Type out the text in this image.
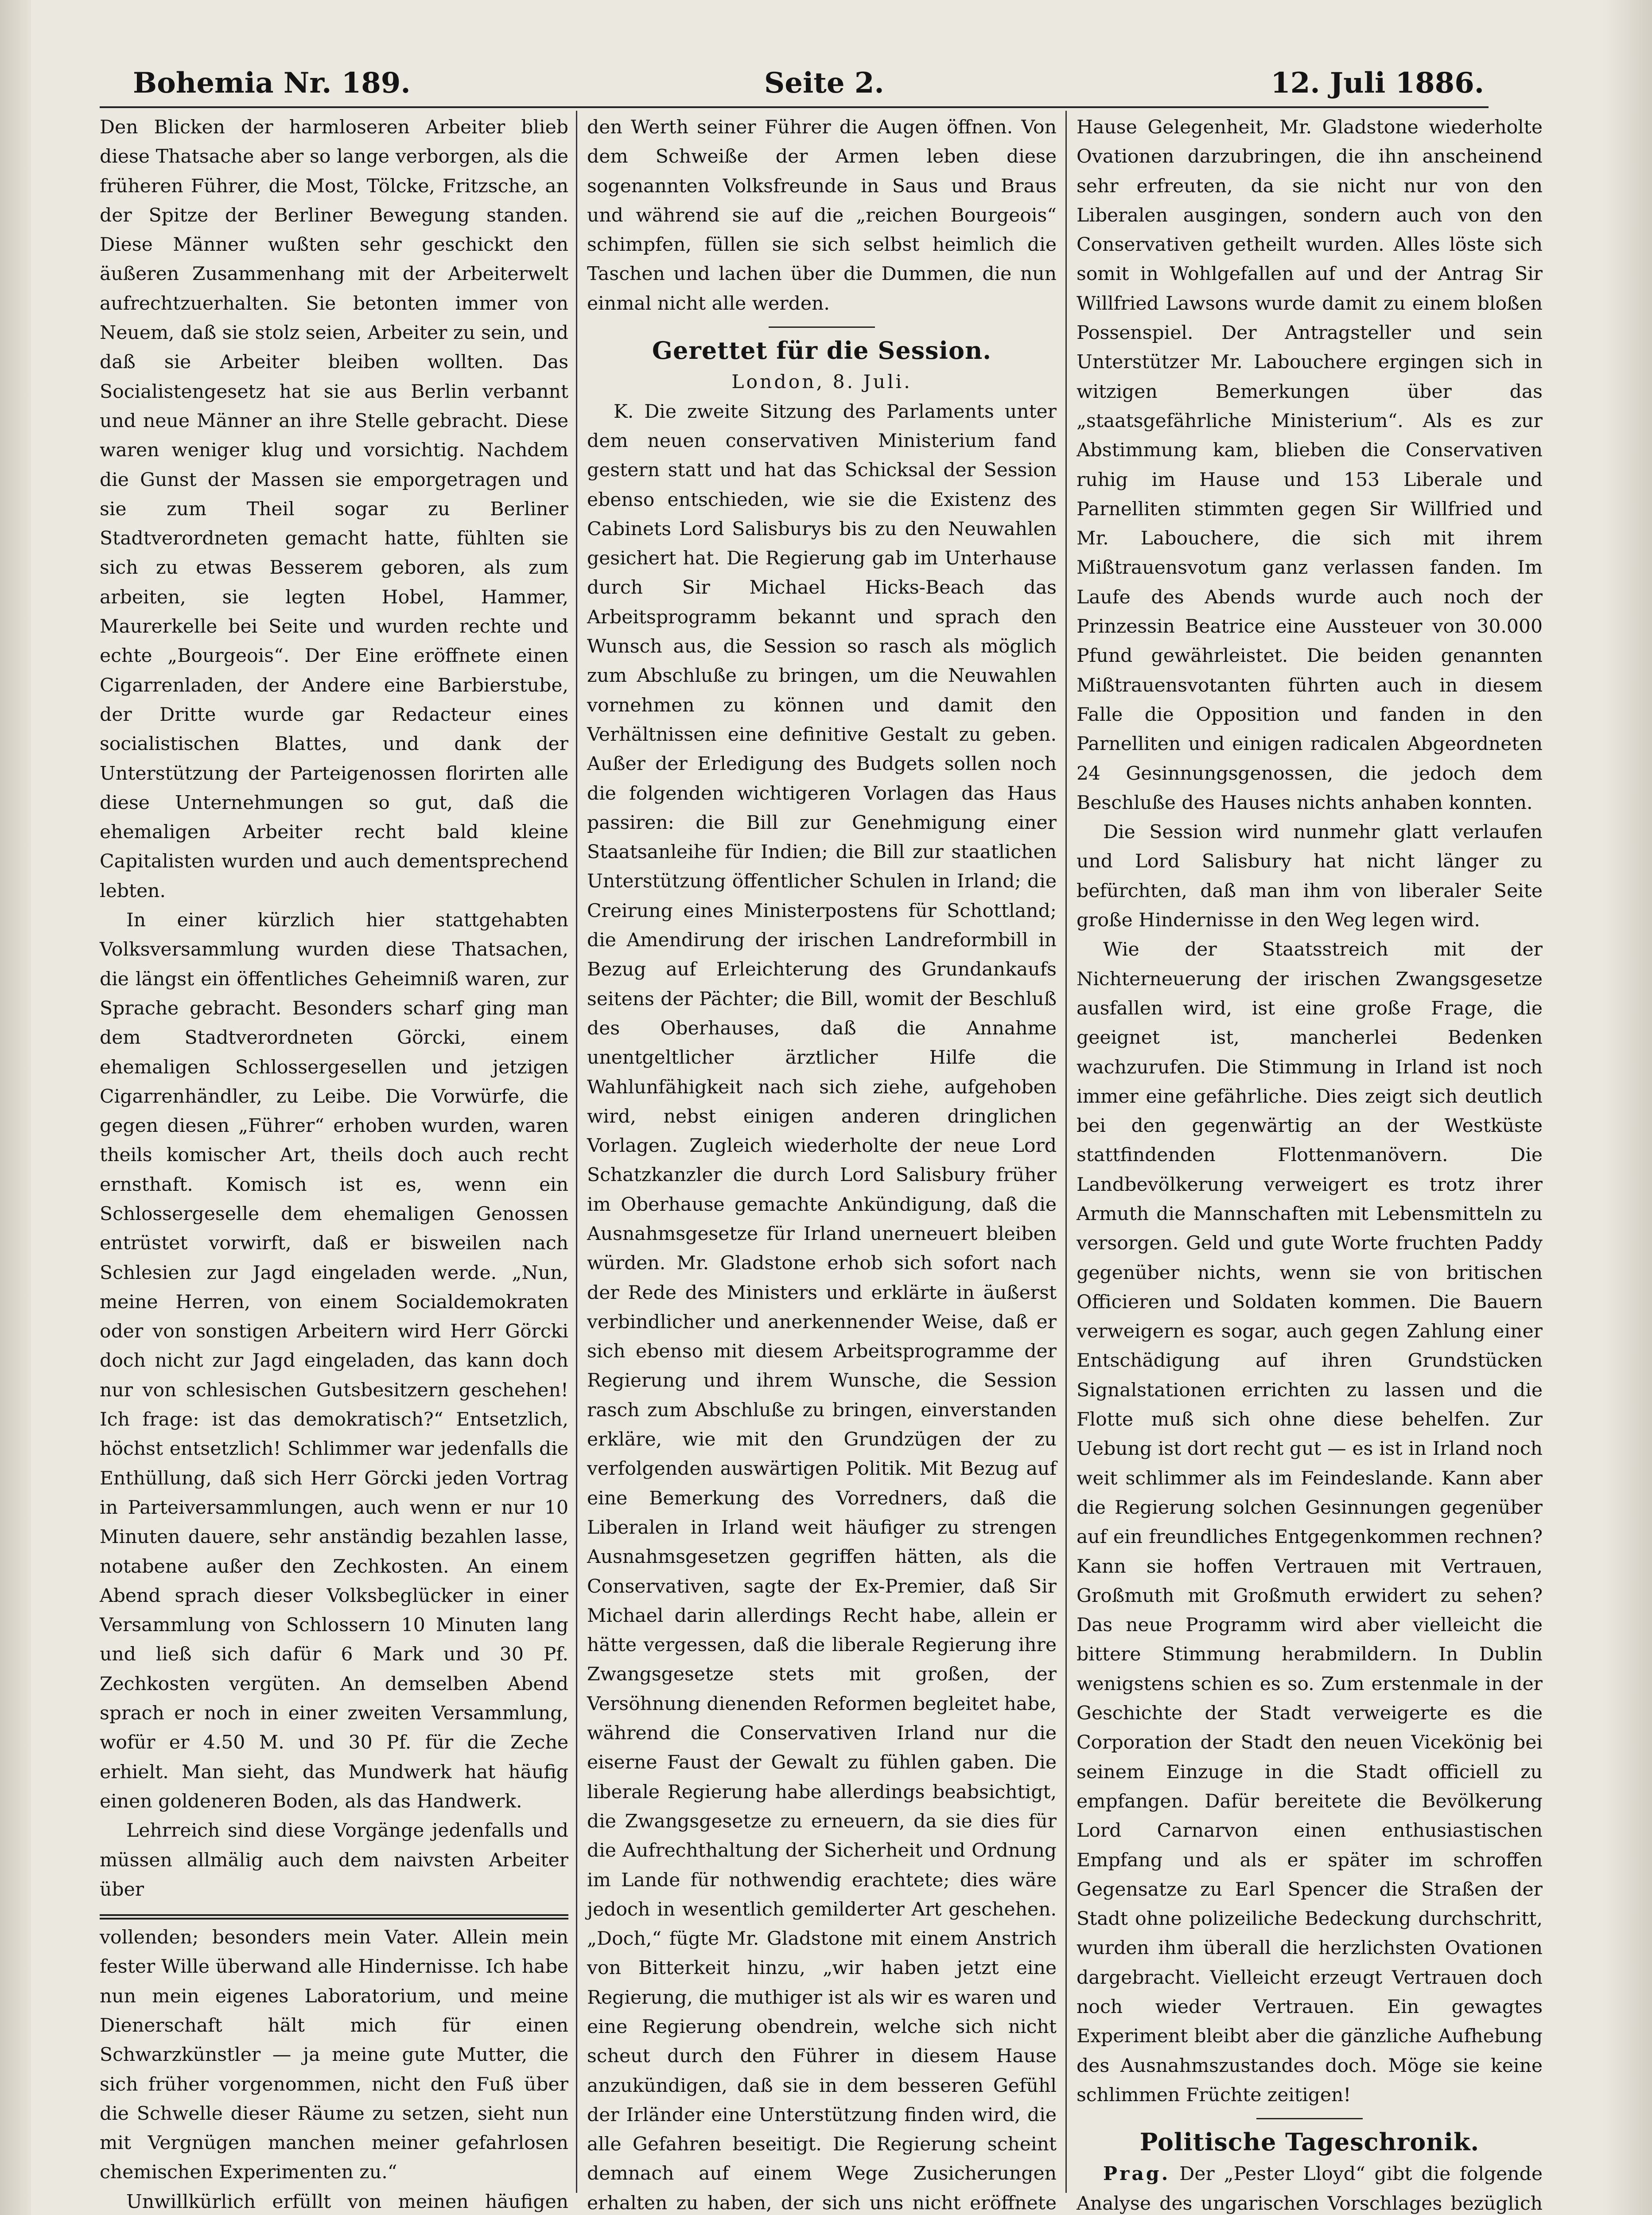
Bohemia Nr. 189.	Seite 2.	12. Juli 1886.

Den Blicken der harmloseren Arbeiter blieb diese Thatsache aber so lange verborgen, als die früheren Führer, die Most, Tölcke, Fritzsche, an der Spitze der Berliner Bewegung standen. Diese Männer wußten sehr geschickt den äußeren Zusammenhang mit der Arbeiterwelt aufrechtzuerhalten. Sie betonten immer von Neuem, daß sie stolz seien, Arbeiter zu sein, und daß sie Arbeiter bleiben wollten. Das Socialistengesetz hat sie aus Berlin verbannt und neue Männer an ihre Stelle gebracht. Diese waren weniger klug und vorsichtig. Nachdem die Gunst der Massen sie emporgetragen und sie zum Theil sogar zu Berliner Stadtverordneten gemacht hatte, fühlten sie sich zu etwas Besserem geboren, als zum arbeiten, sie legten Hobel, Hammer, Maurerkelle bei Seite und wurden rechte und echte „Bourgeois“. Der Eine eröffnete einen Cigarrenladen, der Andere eine Barbierstube, der Dritte wurde gar Redacteur eines socialistischen Blattes, und dank der Unterstützung der Parteigenossen florirten alle diese Unternehmungen so gut, daß die ehemaligen Arbeiter recht bald kleine Capitalisten wurden und auch dementsprechend lebten.

In einer kürzlich hier stattgehabten Volksversammlung wurden diese Thatsachen, die längst ein öffentliches Geheimniß waren, zur Sprache gebracht. Besonders scharf ging man dem Stadtverordneten Görcki, einem ehemaligen Schlossergesellen und jetzigen Cigarrenhändler, zu Leibe. Die Vorwürfe, die gegen diesen „Führer“ erhoben wurden, waren theils komischer Art, theils doch auch recht ernsthaft. Komisch ist es, wenn ein Schlossergeselle dem ehemaligen Genossen entrüstet vorwirft, daß er bisweilen nach Schlesien zur Jagd eingeladen werde. „Nun, meine Herren, von einem Socialdemokraten oder von sonstigen Arbeitern wird Herr Görcki doch nicht zur Jagd eingeladen, das kann doch nur von schlesischen Gutsbesitzern geschehen! Ich frage: ist das demokratisch?“ Entsetzlich, höchst entsetzlich! Schlimmer war jedenfalls die Enthüllung, daß sich Herr Görcki jeden Vortrag in Parteiversammlungen, auch wenn er nur 10 Minuten dauere, sehr anständig bezahlen lasse, notabene außer den Zechkosten. An einem Abend sprach dieser Volksbeglücker in einer Versammlung von Schlossern 10 Minuten lang und ließ sich dafür 6 Mark und 30 Pf. Zechkosten vergüten. An demselben Abend sprach er noch in einer zweiten Versammlung, wofür er 4.50 M. und 30 Pf. für die Zeche erhielt. Man sieht, das Mundwerk hat häufig einen goldeneren Boden, als das Handwerk.

Lehrreich sind diese Vorgänge jedenfalls und müssen allmälig auch dem naivsten Arbeiter über

vollenden; besonders mein Vater. Allein mein fester Wille überwand alle Hindernisse. Ich habe nun mein eigenes Laboratorium, und meine Dienerschaft hält mich für einen Schwarzkünstler — ja meine gute Mutter, die sich früher vorgenommen, nicht den Fuß über die Schwelle dieser Räume zu setzen, sieht nun mit Vergnügen manchen meiner gefahrlosen chemischen Experimenten zu.“

Unwillkürlich erfüllt von meinen häufigen

den Werth seiner Führer die Augen öffnen. Von dem Schweiße der Armen leben diese sogenannten Volksfreunde in Saus und Braus und während sie auf die „reichen Bourgeois“ schimpfen, füllen sie sich selbst heimlich die Taschen und lachen über die Dummen, die nun einmal nicht alle werden.

Gerettet für die Session.

London, 8. Juli.

K. Die zweite Sitzung des Parlaments unter dem neuen conservativen Ministerium fand gestern statt und hat das Schicksal der Session ebenso entschieden, wie sie die Existenz des Cabinets Lord Salisburys bis zu den Neuwahlen gesichert hat. Die Regierung gab im Unterhause durch Sir Michael Hicks-Beach das Arbeitsprogramm bekannt und sprach den Wunsch aus, die Session so rasch als möglich zum Abschluße zu bringen, um die Neuwahlen vornehmen zu können und damit den Verhältnissen eine definitive Gestalt zu geben. Außer der Erledigung des Budgets sollen noch die folgenden wichtigeren Vorlagen das Haus passiren: die Bill zur Genehmigung einer Staatsanleihe für Indien; die Bill zur staatlichen Unterstützung öffentlicher Schulen in Irland; die Creirung eines Ministerpostens für Schottland; die Amendirung der irischen Landreformbill in Bezug auf Erleichterung des Grundankaufs seitens der Pächter; die Bill, womit der Beschluß des Oberhauses, daß die Annahme unentgeltlicher ärztlicher Hilfe die Wahlunfähigkeit nach sich ziehe, aufgehoben wird, nebst einigen anderen dringlichen Vorlagen. Zugleich wiederholte der neue Lord Schatzkanzler die durch Lord Salisbury früher im Oberhause gemachte Ankündigung, daß die Ausnahmsgesetze für Irland unerneuert bleiben würden. Mr. Gladstone erhob sich sofort nach der Rede des Ministers und erklärte in äußerst verbindlicher und anerkennender Weise, daß er sich ebenso mit diesem Arbeitsprogramme der Regierung und ihrem Wunsche, die Session rasch zum Abschluße zu bringen, einverstanden erkläre, wie mit den Grundzügen der zu verfolgenden auswärtigen Politik. Mit Bezug auf eine Bemerkung des Vorredners, daß die Liberalen in Irland weit häufiger zu strengen Ausnahmsgesetzen gegriffen hätten, als die Conservativen, sagte der Ex-Premier, daß Sir Michael darin allerdings Recht habe, allein er hätte vergessen, daß die liberale Regierung ihre Zwangsgesetze stets mit großen, der Versöhnung dienenden Reformen begleitet habe, während die Conservativen Irland nur die eiserne Faust der Gewalt zu fühlen gaben. Die liberale Regierung habe allerdings beabsichtigt, die Zwangsgesetze zu erneuern, da sie dies für die Aufrechthaltung der Sicherheit und Ordnung im Lande für nothwendig erachtete; dies wäre jedoch in wesentlich gemilderter Art geschehen. „Doch,“ fügte Mr. Gladstone mit einem Anstrich von Bitterkeit hinzu, „wir haben jetzt eine Regierung, die muthiger ist als wir es waren und eine Regierung obendrein, welche sich nicht scheut durch den Führer in diesem Hause anzukündigen, daß sie in dem besseren Gefühl der Irländer eine Unterstützung finden wird, die alle Gefahren beseitigt. Die Regierung scheint demnach auf einem Wege Zusicherungen erhalten zu haben, der sich uns nicht eröffnete

Hause Gelegenheit, Mr. Gladstone wiederholte Ovationen darzubringen, die ihn anscheinend sehr erfreuten, da sie nicht nur von den Liberalen ausgingen, sondern auch von den Conservativen getheilt wurden. Alles löste sich somit in Wohlgefallen auf und der Antrag Sir Willfried Lawsons wurde damit zu einem bloßen Possenspiel. Der Antragsteller und sein Unterstützer Mr. Labouchere ergingen sich in witzigen Bemerkungen über das „staatsgefährliche Ministerium“. Als es zur Abstimmung kam, blieben die Conservativen ruhig im Hause und 153 Liberale und Parnelliten stimmten gegen Sir Willfried und Mr. Labouchere, die sich mit ihrem Mißtrauensvotum ganz verlassen fanden. Im Laufe des Abends wurde auch noch der Prinzessin Beatrice eine Aussteuer von 30.000 Pfund gewährleistet. Die beiden genannten Mißtrauensvotanten führten auch in diesem Falle die Opposition und fanden in den Parnelliten und einigen radicalen Abgeordneten 24 Gesinnungsgenossen, die jedoch dem Beschluße des Hauses nichts anhaben konnten.

Die Session wird nunmehr glatt verlaufen und Lord Salisbury hat nicht länger zu befürchten, daß man ihm von liberaler Seite große Hindernisse in den Weg legen wird.

Wie der Staatsstreich mit der Nichterneuerung der irischen Zwangsgesetze ausfallen wird, ist eine große Frage, die geeignet ist, mancherlei Bedenken wachzurufen. Die Stimmung in Irland ist noch immer eine gefährliche. Dies zeigt sich deutlich bei den gegenwärtig an der Westküste stattfindenden Flottenmanövern. Die Landbevölkerung verweigert es trotz ihrer Armuth die Mannschaften mit Lebensmitteln zu versorgen. Geld und gute Worte fruchten Paddy gegenüber nichts, wenn sie von britischen Officieren und Soldaten kommen. Die Bauern verweigern es sogar, auch gegen Zahlung einer Entschädigung auf ihren Grundstücken Signalstationen errichten zu lassen und die Flotte muß sich ohne diese behelfen. Zur Uebung ist dort recht gut — es ist in Irland noch weit schlimmer als im Feindeslande. Kann aber die Regierung solchen Gesinnungen gegenüber auf ein freundliches Entgegenkommen rechnen? Kann sie hoffen Vertrauen mit Vertrauen, Großmuth mit Großmuth erwidert zu sehen? Das neue Programm wird aber vielleicht die bittere Stimmung herabmildern. In Dublin wenigstens schien es so. Zum erstenmale in der Geschichte der Stadt verweigerte es die Corporation der Stadt den neuen Vicekönig bei seinem Einzuge in die Stadt officiell zu empfangen. Dafür bereitete die Bevölkerung Lord Carnarvon einen enthusiastischen Empfang und als er später im schroffen Gegensatze zu Earl Spencer die Straßen der Stadt ohne polizeiliche Bedeckung durchschritt, wurden ihm überall die herzlichsten Ovationen dargebracht. Vielleicht erzeugt Vertrauen doch noch wieder Vertrauen. Ein gewagtes Experiment bleibt aber die gänzliche Aufhebung des Ausnahmszustandes doch. Möge sie keine schlimmen Früchte zeitigen!

Politische Tageschronik.

Prag. Der „Pester Lloyd“ gibt die folgende Analyse des ungarischen Vorschlages bezüglich
